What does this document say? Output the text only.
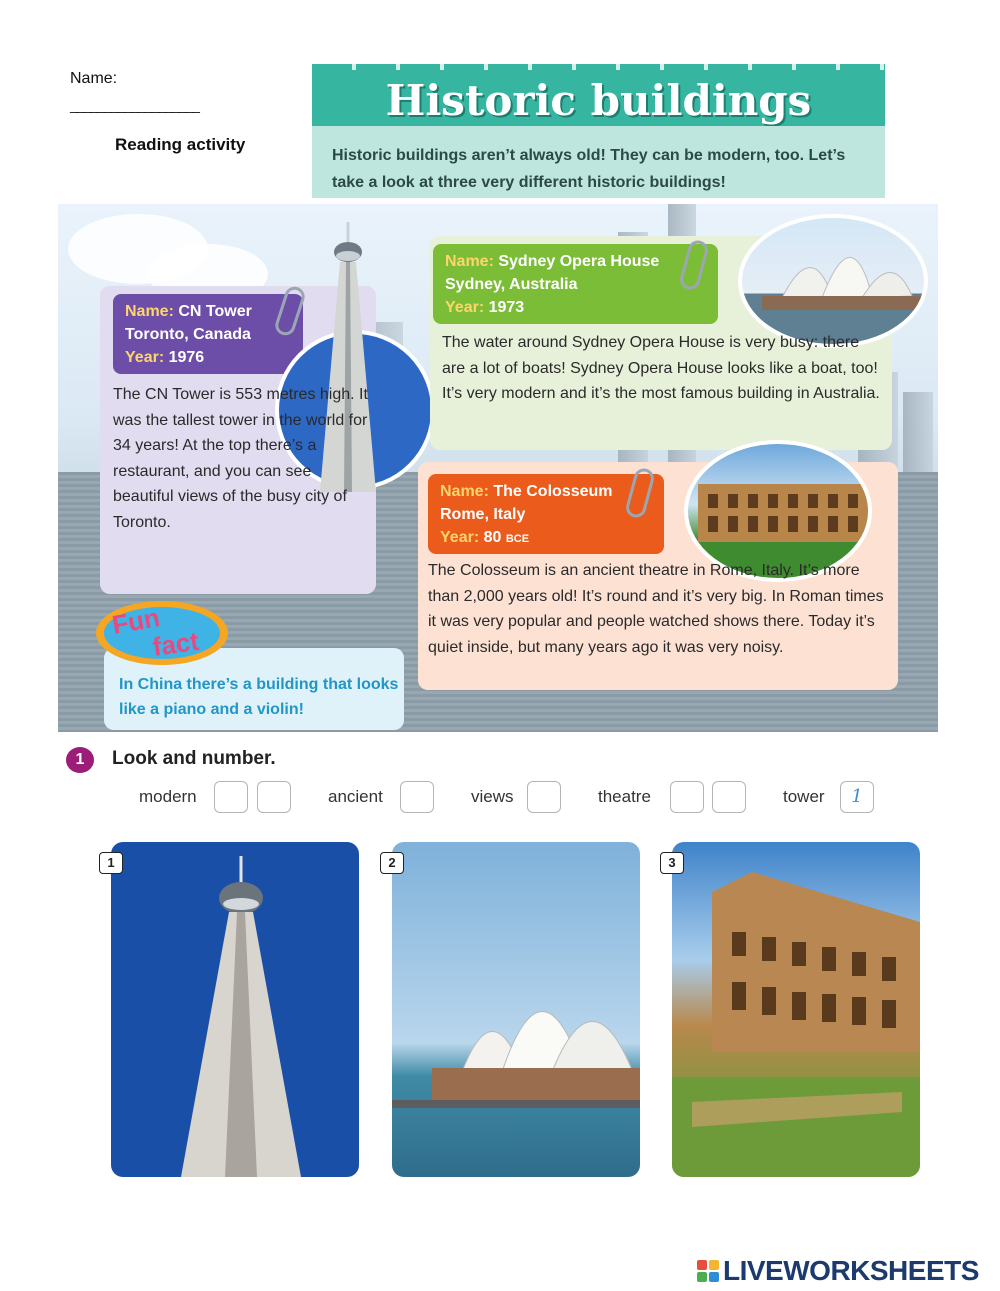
Name:
___________________
Reading activity
Historic buildings
Historic buildings aren’t always old! They can be modern, too. Let’s take a look at three very different historic buildings!
Name: CN Tower
Toronto, Canada
Year: 1976
The CN Tower is 553 metres high. It was the tallest tower in the world for 34 years! At the top there’s a restaurant, and you can see beautiful views of the busy city of Toronto.
Name: Sydney Opera House
Sydney, Australia
Year: 1973
The water around Sydney Opera House is very busy: there are a lot of boats! Sydney Opera House looks like a boat, too! It’s very modern and it’s the most famous building in Australia.
Name: The Colosseum
Rome, Italy
Year: 80 BCE
The Colosseum is an ancient theatre in Rome, Italy. It’s more than 2,000 years old! It’s round and it’s very big. In Roman times it was very popular and people watched shows there. Today it’s quiet inside, but many years ago it was very noisy.
Fun
fact
In China there’s a building that looks like a piano and a violin!
1	Look and number.
modern	ancient	views	theatre	tower	1
1	2	3
LIVEWORKSHEETS
